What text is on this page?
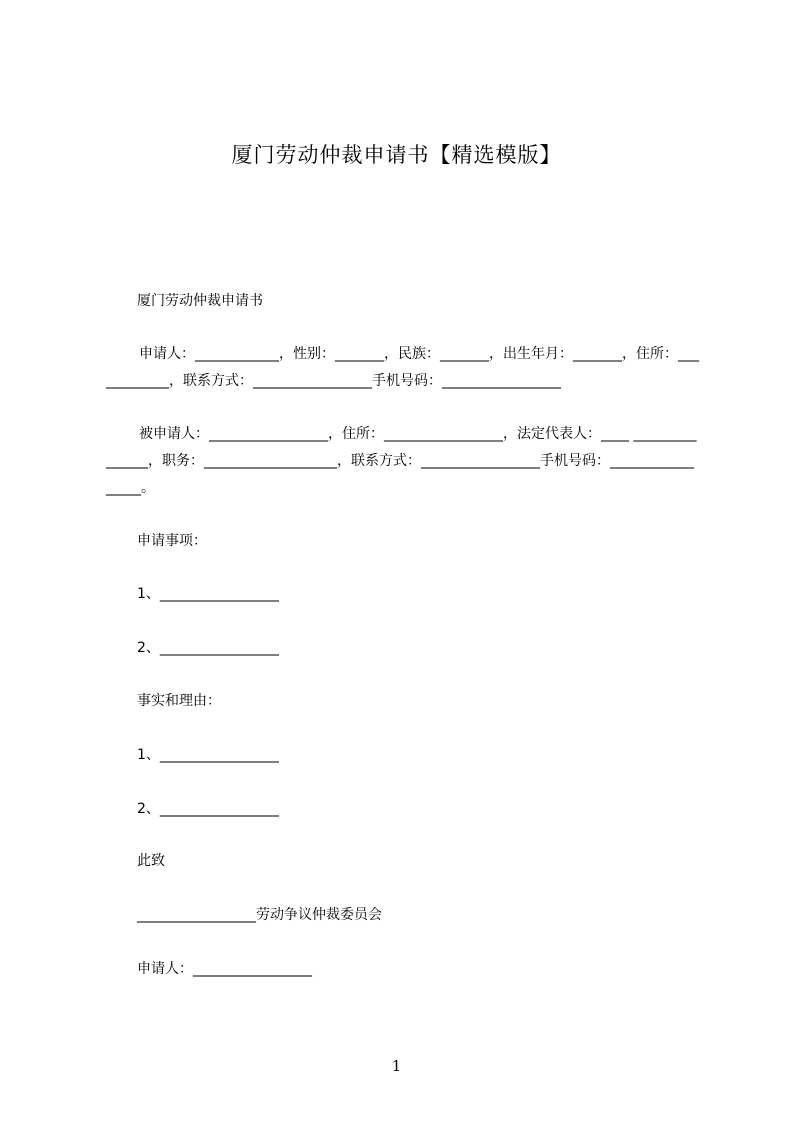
厦门劳动仲裁申请书【精选模版】
厦门劳动仲裁申请书

申请人：____________，性别：_______，民族：_______，出生年月：_______，住所：____________，联系方式：_________________手机号码：_________________

被申请人：_________________，住所：_________________，法定代表人：____ _______________，职务：___________________，联系方式：_________________手机号码：_________________。

申请事项：
1、_________________
2、_________________
事实和理由：
1、_________________
2、_________________
此致
_________________劳动争议仲裁委员会
申请人：_________________
1
